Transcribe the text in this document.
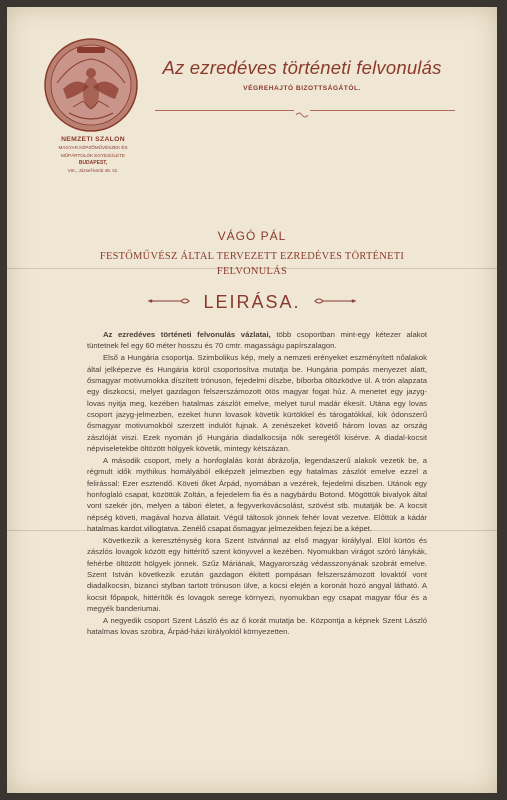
NEMZETI SZALON
MAGYAR KÉPZŐMŰVÉSZEK ÉS
MŰPÁRTOLÓK EGYESÜLETE
BUDAPEST,
VIII., József-körút 45. sz.
Az ezredéves történeti felvonulás
VÉGREHAJTÓ BIZOTTSÁGÁTÓL.
VÁGÓ PÁL
FESTŐMŰVÉSZ ÁLTAL TERVEZETT EZREDÉVES TÖRTÉNETI
FELVONULÁS
LEIRÁSA.

Az ezredéves történeti felvonulás vázlatai, több csoportban mint-egy kétezer alakot tüntetnek fel egy 60 méter hosszu és 70 cmtr. magasságu papírszalagon.

Első a Hungária csoportja. Szimbolikus kép, mely a nemzeti erényeket eszményített nőalakok által jelképezve és Hungária körül csoportosítva mutatja be. Hungária pompás menyezet alatt, ősmagyar motivumokka díszített trónuson, fejedelmi díszbe, bíborba öltözködve ül. A trón alapzata egy diszkocsi, melyet gazdagon felszerszámozott ötös magyar fogat húz. A menetet egy jazyg-lovas nyitja meg, kezében hatalmas zászlót emelve, melyet turul madár ékesít. Utána egy lovas csoport jazyg-jelmezben, ezeket hunn lovasok követik kürtökkel és tárogatókkal, kik ódonszerű ősmagyar motivumokból szerzett indulót fujnak. A zenészeket követő három lovas az ország zászlóját viszi. Ezek nyomán jő Hungária diadalkocsija nők seregétől kisérve. A diadal-kocsit népviseletekbe öltözött hölgyek követik, mintegy kétszázan.

A második csoport, mely a honfoglalás korát ábrázolja, legendaszerű alakok vezetik be, a régmult idők mythikus homályából elképzelt jelmezben egy hatalmas zászlót emelve ezzel a felirással: Ezer esztendő. Követi őket Árpád, nyomában a vezérek, fejedelmi diszben. Utánok egy honfoglaló csapat, közöttük Zoltán, a fejedelem fia és a nagybárdu Botond. Mögöttük bivalyok által vont szekér jön, melyen a tábori életet, a fegyverkovácsolást, szövést stb. mutatják be. A kocsit népség követi, magával hozva állatait. Végül táltosok jönnek fehér lovat vezetve. Előttük a kádár hatalmas kardot villogtatva. Zenélő csapat ősmagyar jelmezekben fejezi be a képet.

Következik a kereszténység kora Szent Istvánnal az első magyar királylyal. Elöl kürtös és zászlós lovagok között egy hittérítő szent könyvvel a kezében. Nyomukban virágot szóró lánykák, fehérbe öltözött hölgyek jönnek. Szűz Máriának, Magyarország védasszonyának szobrát emelve. Szent István következik ezután gazdagon ékitett pompásan felszerszámozott lovaktól vont diadalkocsin, bizanci stylban tartott trónuson ülve, a kocsi elején a koronát hozó angyal látható. A kocsit főpapok, hittérítők és lovagok serege környezi, nyomukban egy csapat magyar főur és a megyék banderiumai.

A negyedik csoport Szent László és az ő korát mutatja be. Központja a képnek Szent László hatalmas lovas szobra, Árpád-házi királyoktól környezetten.
